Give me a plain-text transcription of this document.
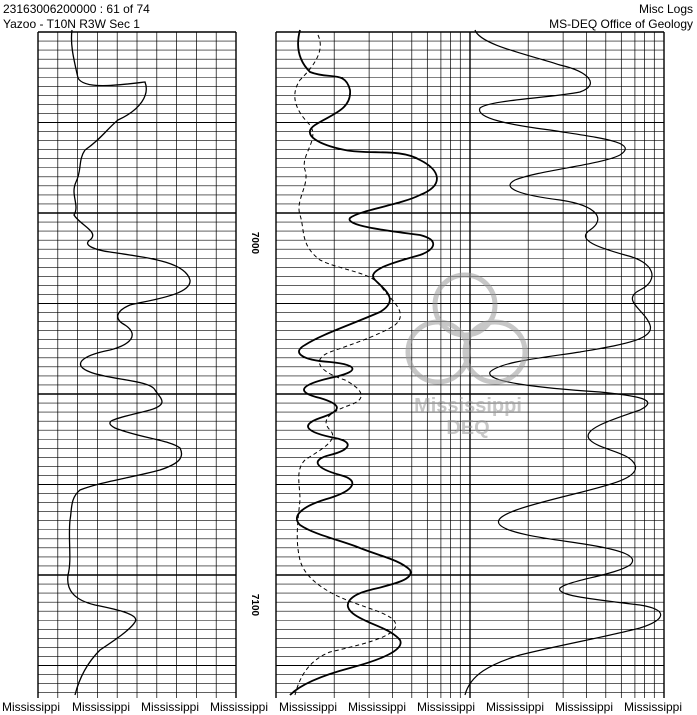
Mississippi
DEQ
7000
7100
23163006200000 : 61 of 74
Yazoo - T10N R3W Sec 1
Misc Logs
MS-DEQ Office of Geology
Mississippi Mississippi Mississippi Mississippi Mississippi Mississippi Mississippi Mississippi Mississippi Mississippi
